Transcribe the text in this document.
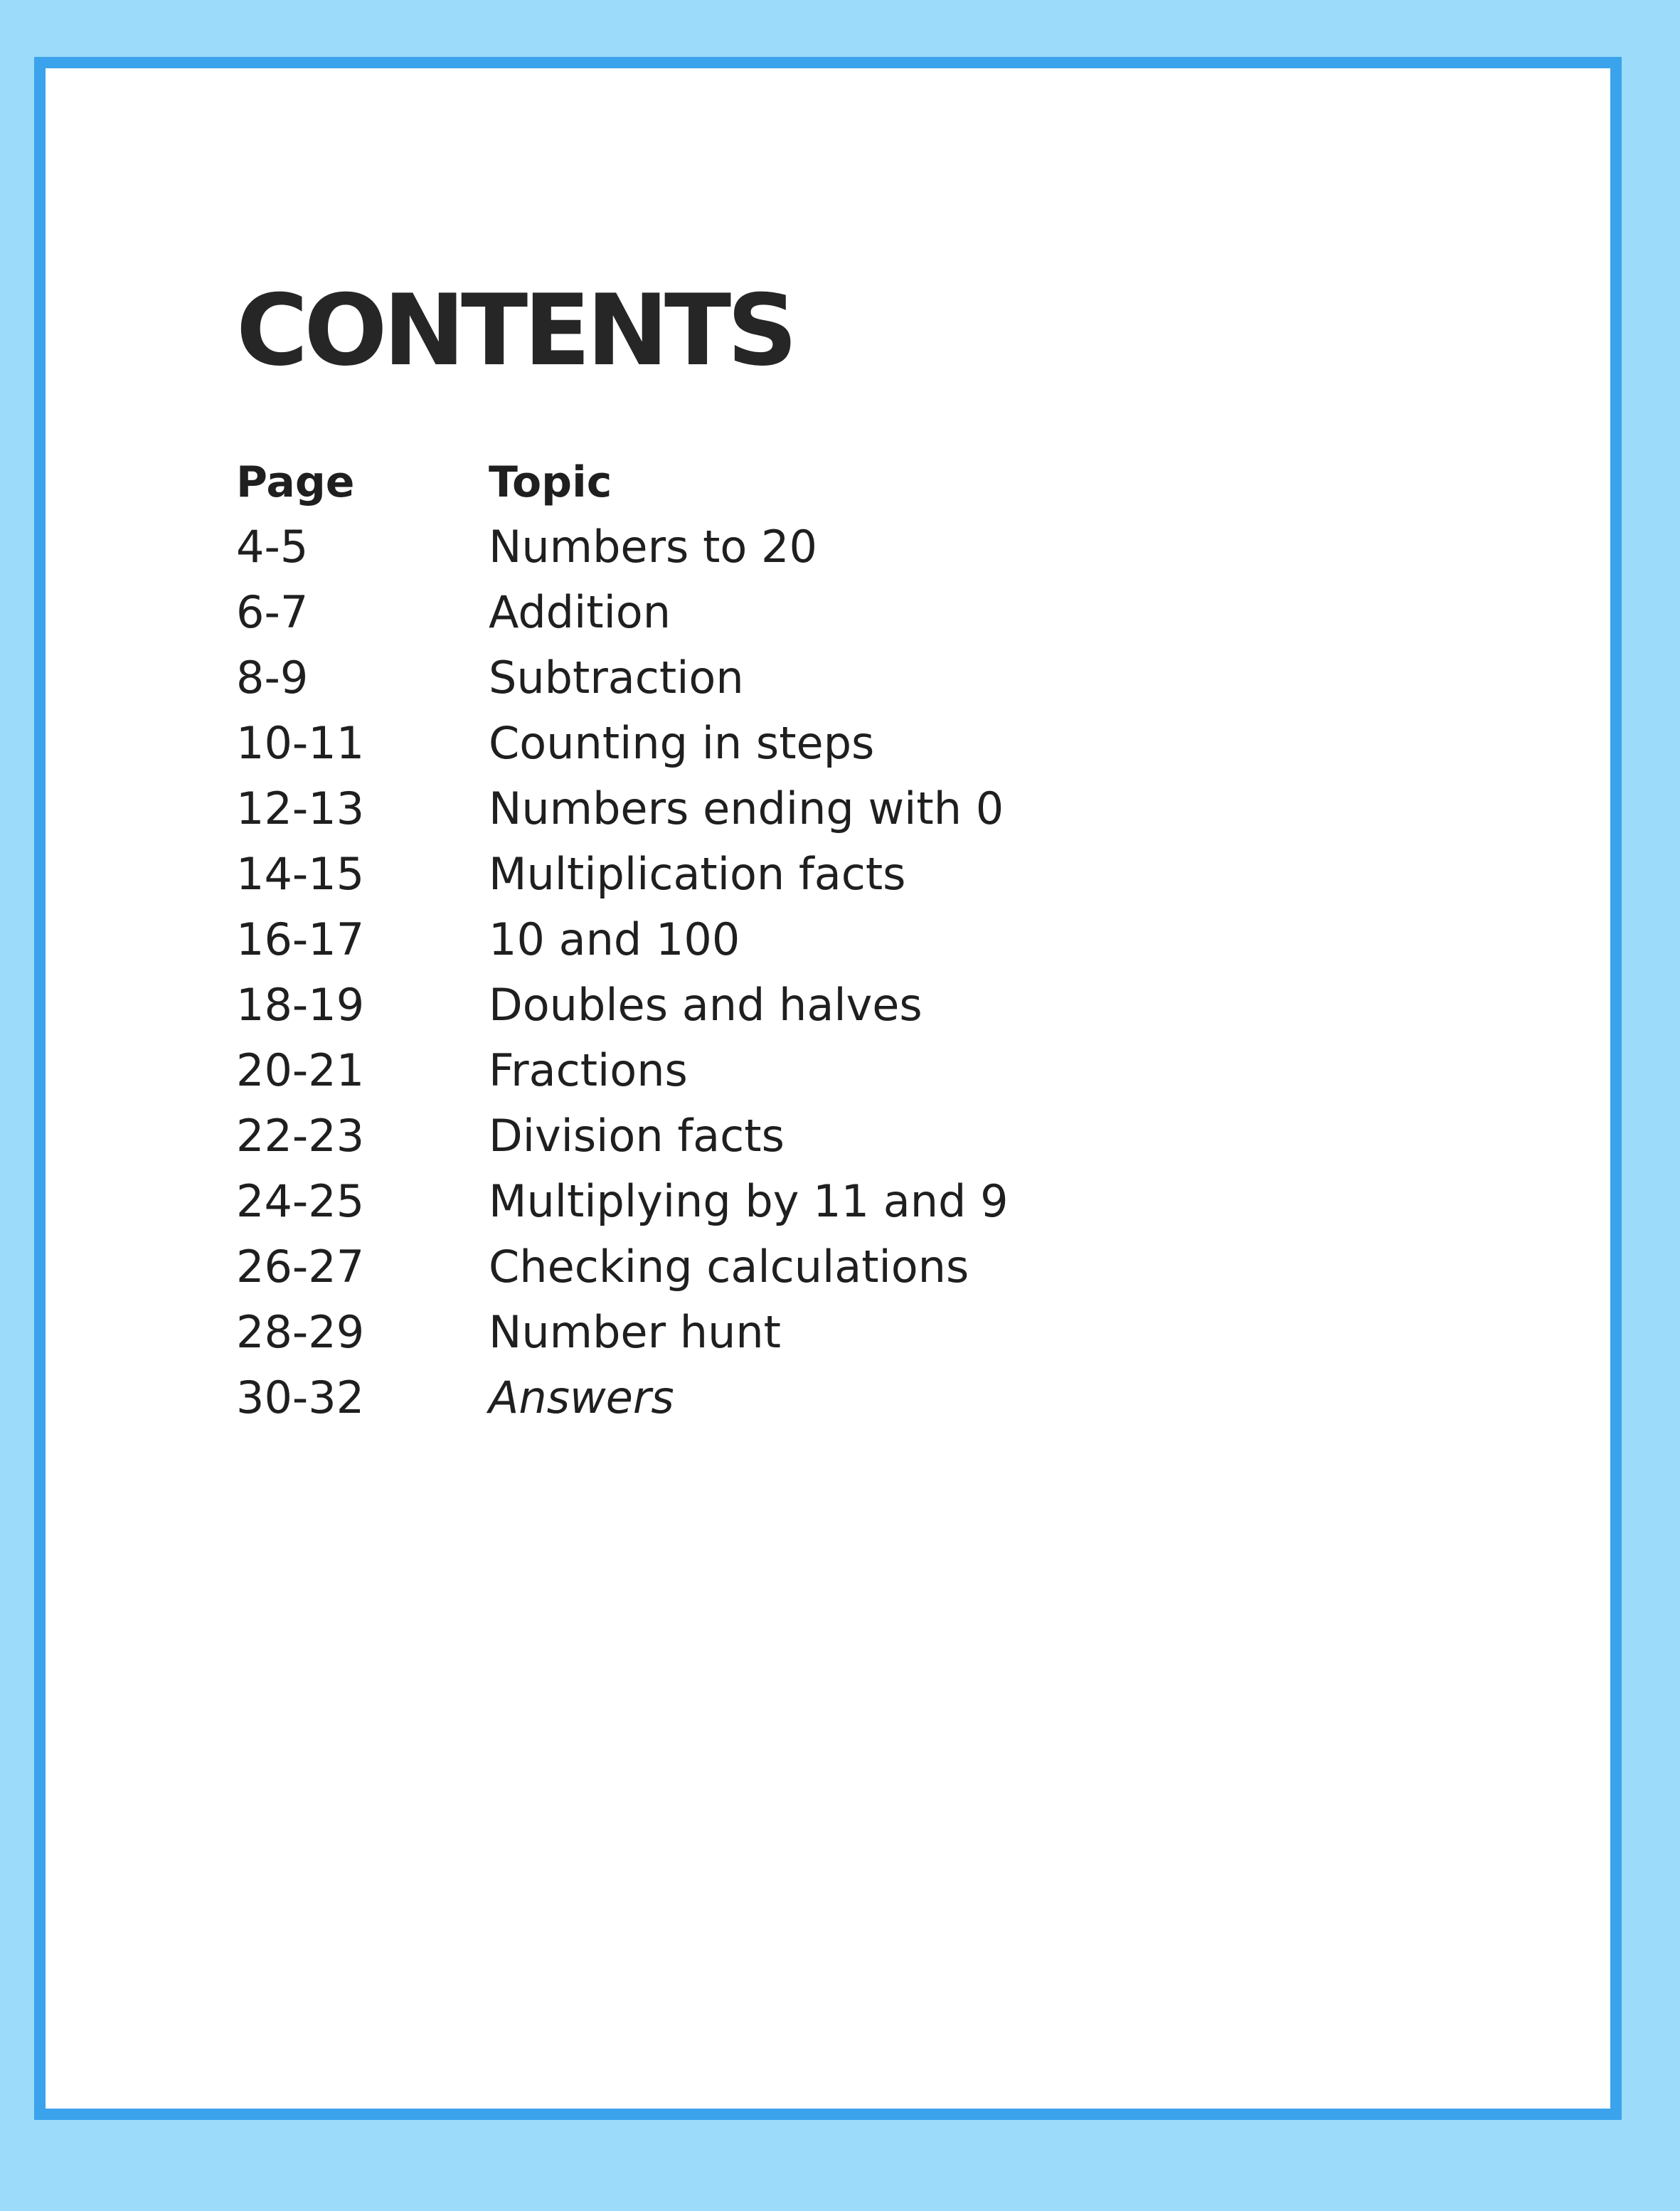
CONTENTS
Page	Topic
4-5	Numbers to 20
6-7	Addition
8-9	Subtraction
10-11	Counting in steps
12-13	Numbers ending with 0
14-15	Multiplication facts
16-17	10 and 100
18-19	Doubles and halves
20-21	Fractions
22-23	Division facts
24-25	Multiplying by 11 and 9
26-27	Checking calculations
28-29	Number hunt
30-32	Answers
